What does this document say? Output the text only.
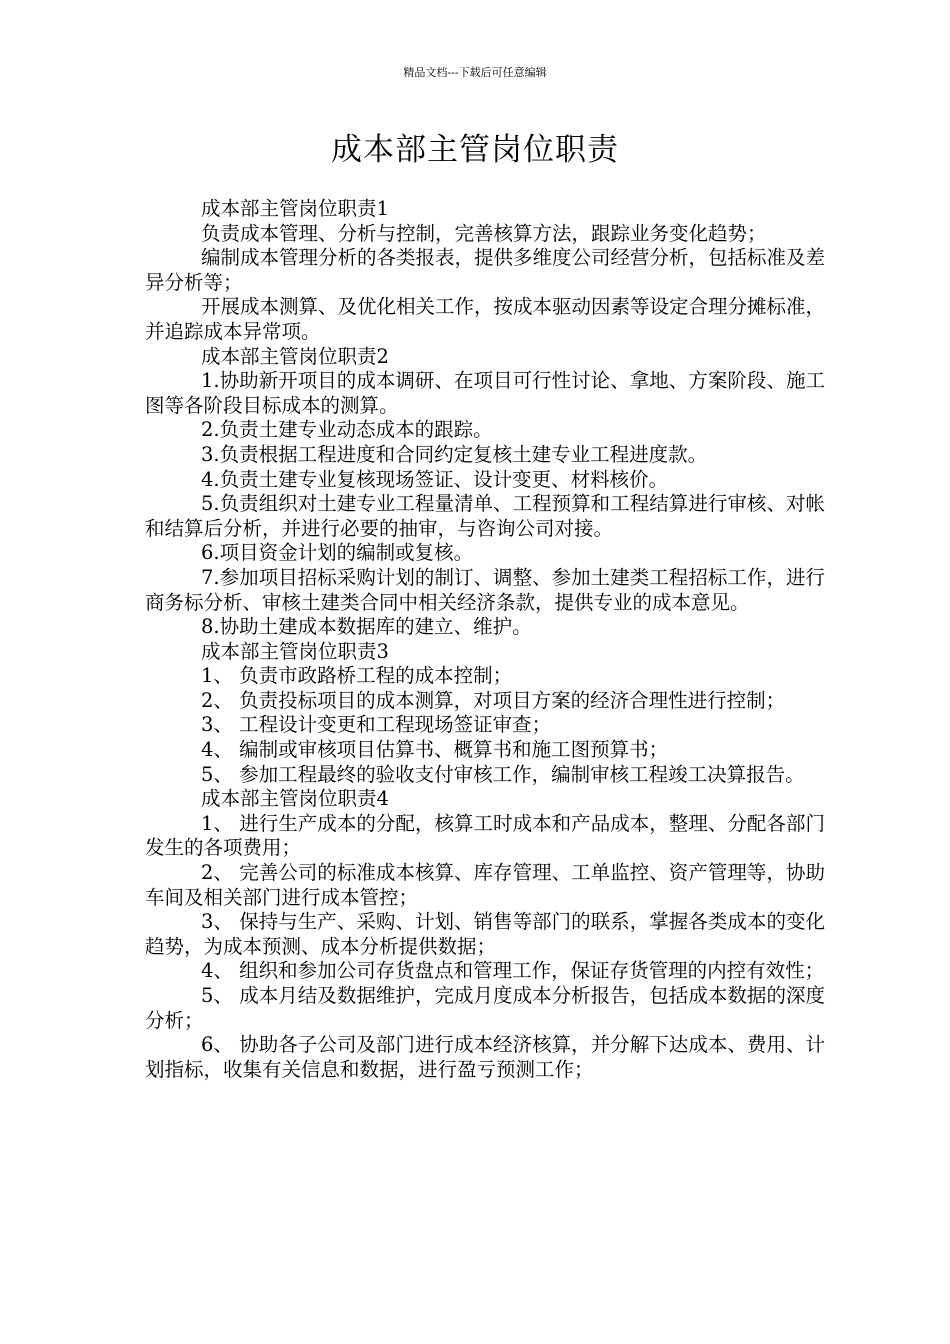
精品文档---下载后可任意编辑
成本部主管岗位职责

成本部主管岗位职责1

负责成本管理、分析与控制，完善核算方法，跟踪业务变化趋势；

编制成本管理分析的各类报表，提供多维度公司经营分析，包括标准及差异分析等；

开展成本测算、及优化相关工作，按成本驱动因素等设定合理分摊标准，并追踪成本异常项。

成本部主管岗位职责2

1.协助新开项目的成本调研、在项目可行性讨论、拿地、方案阶段、施工图等各阶段目标成本的测算。

2.负责土建专业动态成本的跟踪。

3.负责根据工程进度和合同约定复核土建专业工程进度款。

4.负责土建专业复核现场签证、设计变更、材料核价。

5.负责组织对土建专业工程量清单、工程预算和工程结算进行审核、对帐和结算后分析，并进行必要的抽审，与咨询公司对接。

6.项目资金计划的编制或复核。

7.参加项目招标采购计划的制订、调整、参加土建类工程招标工作，进行商务标分析、审核土建类合同中相关经济条款，提供专业的成本意见。

8.协助土建成本数据库的建立、维护。

成本部主管岗位职责3

1、 负责市政路桥工程的成本控制；

2、 负责投标项目的成本测算，对项目方案的经济合理性进行控制；

3、 工程设计变更和工程现场签证审查；

4、 编制或审核项目估算书、概算书和施工图预算书；

5、 参加工程最终的验收支付审核工作，编制审核工程竣工决算报告。

成本部主管岗位职责4

1、 进行生产成本的分配，核算工时成本和产品成本，整理、分配各部门发生的各项费用；

2、 完善公司的标准成本核算、库存管理、工单监控、资产管理等，协助车间及相关部门进行成本管控；

3、 保持与生产、采购、计划、销售等部门的联系，掌握各类成本的变化趋势，为成本预测、成本分析提供数据；

4、 组织和参加公司存货盘点和管理工作，保证存货管理的内控有效性；

5、 成本月结及数据维护，完成月度成本分析报告，包括成本数据的深度分析；

6、 协助各子公司及部门进行成本经济核算，并分解下达成本、费用、计划指标，收集有关信息和数据，进行盈亏预测工作；
